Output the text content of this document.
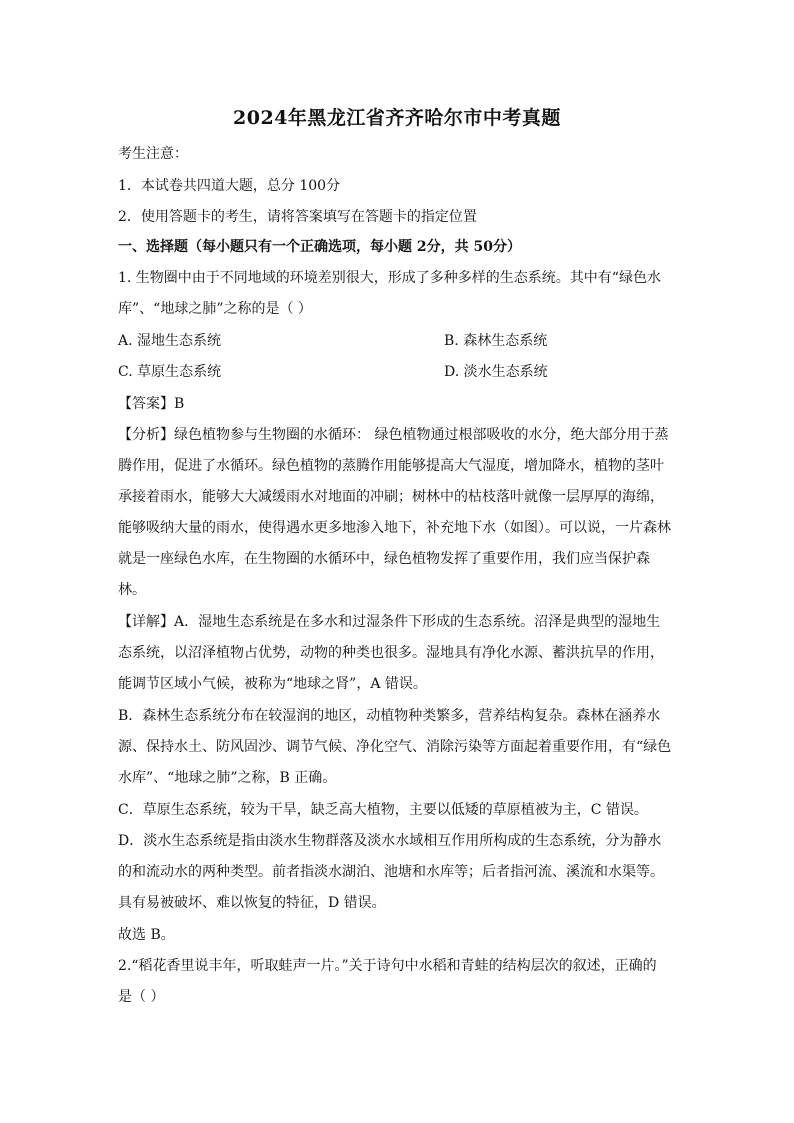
2024年黑龙江省齐齐哈尔市中考真题
考生注意：
1．本试卷共四道大题，总分 100分
2．使用答题卡的考生，请将答案填写在答题卡的指定位置
一、选择题（每小题只有一个正确选项，每小题 2分，共 50分）
1. 生物圈中由于不同地域的环境差别很大，形成了多种多样的生态系统。其中有“绿色水
库”、“地球之肺”之称的是（ ）
A. 湿地生态系统	B. 森林生态系统
C. 草原生态系统	D. 淡水生态系统
【答案】B
【分析】绿色植物参与生物圈的水循环： 绿色植物通过根部吸收的水分，绝大部分用于蒸
腾作用，促进了水循环。绿色植物的蒸腾作用能够提高大气湿度，增加降水，植物的茎叶
承接着雨水，能够大大减缓雨水对地面的冲刷；树林中的枯枝落叶就像一层厚厚的海绵，
能够吸纳大量的雨水，使得遇水更多地渗入地下，补充地下水（如图）。可以说，一片森林
就是一座绿色水库，在生物圈的水循环中，绿色植物发挥了重要作用，我们应当保护森
林。
【详解】A．湿地生态系统是在多水和过湿条件下形成的生态系统。沼泽是典型的湿地生
态系统，以沼泽植物占优势，动物的种类也很多。湿地具有净化水源、蓄洪抗旱的作用，
能调节区域小气候，被称为“地球之肾”，A 错误。
B．森林生态系统分布在较湿润的地区，动植物种类繁多，营养结构复杂。森林在涵养水
源、保持水土、防风固沙、调节气候、净化空气、消除污染等方面起着重要作用，有“绿色
水库”、“地球之肺”之称，B 正确。
C．草原生态系统，较为干旱，缺乏高大植物，主要以低矮的草原植被为主，C 错误。
D．淡水生态系统是指由淡水生物群落及淡水水域相互作用所构成的生态系统，分为静水
的和流动水的两种类型。前者指淡水湖泊、池塘和水库等；后者指河流、溪流和水渠等。
具有易被破坏、难以恢复的特征，D 错误。
故选 B。
2.“稻花香里说丰年，听取蛙声一片。”关于诗句中水稻和青蛙的结构层次的叙述，正确的
是（ ）
